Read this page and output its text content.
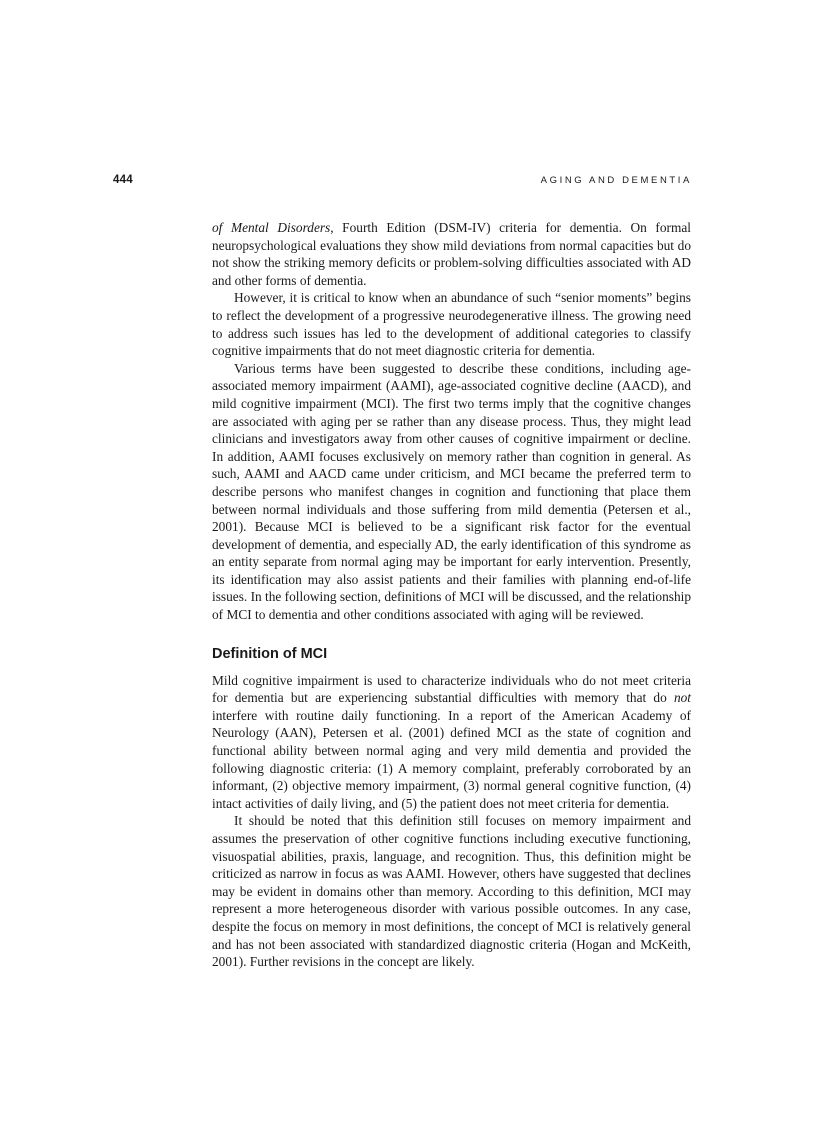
444	AGING AND DEMENTIA

of Mental Disorders, Fourth Edition (DSM-IV) criteria for dementia. On formal neuropsychological evaluations they show mild deviations from normal capacities but do not show the striking memory deficits or problem-solving difficulties associated with AD and other forms of dementia.

However, it is critical to know when an abundance of such “senior moments” begins to reflect the development of a progressive neurodegenerative illness. The growing need to address such issues has led to the development of additional categories to classify cognitive impairments that do not meet diagnostic criteria for dementia.

Various terms have been suggested to describe these conditions, including age-associated memory impairment (AAMI), age-associated cognitive decline (AACD), and mild cognitive impairment (MCI). The first two terms imply that the cognitive changes are associated with aging per se rather than any disease process. Thus, they might lead clinicians and investigators away from other causes of cognitive impairment or decline. In addition, AAMI focuses exclusively on memory rather than cognition in general. As such, AAMI and AACD came under criticism, and MCI became the preferred term to describe persons who manifest changes in cognition and functioning that place them between normal individuals and those suffering from mild dementia (Petersen et al., 2001). Because MCI is believed to be a significant risk factor for the eventual development of dementia, and especially AD, the early identification of this syndrome as an entity separate from normal aging may be important for early intervention. Presently, its identification may also assist patients and their families with planning end-of-life issues. In the following section, definitions of MCI will be discussed, and the relationship of MCI to dementia and other conditions associated with aging will be reviewed.

Definition of MCI

Mild cognitive impairment is used to characterize individuals who do not meet criteria for dementia but are experiencing substantial difficulties with memory that do not interfere with routine daily functioning. In a report of the American Academy of Neurology (AAN), Petersen et al. (2001) defined MCI as the state of cognition and functional ability between normal aging and very mild dementia and provided the following diagnostic criteria: (1) A memory complaint, preferably corroborated by an informant, (2) objective memory impairment, (3) normal general cognitive function, (4) intact activities of daily living, and (5) the patient does not meet criteria for dementia.

It should be noted that this definition still focuses on memory impairment and assumes the preservation of other cognitive functions including executive functioning, visuospatial abilities, praxis, language, and recognition. Thus, this definition might be criticized as narrow in focus as was AAMI. However, others have suggested that declines may be evident in domains other than memory. According to this definition, MCI may represent a more heterogeneous disorder with various possible outcomes. In any case, despite the focus on memory in most definitions, the concept of MCI is relatively general and has not been associated with standardized diagnostic criteria (Hogan and McKeith, 2001). Further revisions in the concept are likely.
